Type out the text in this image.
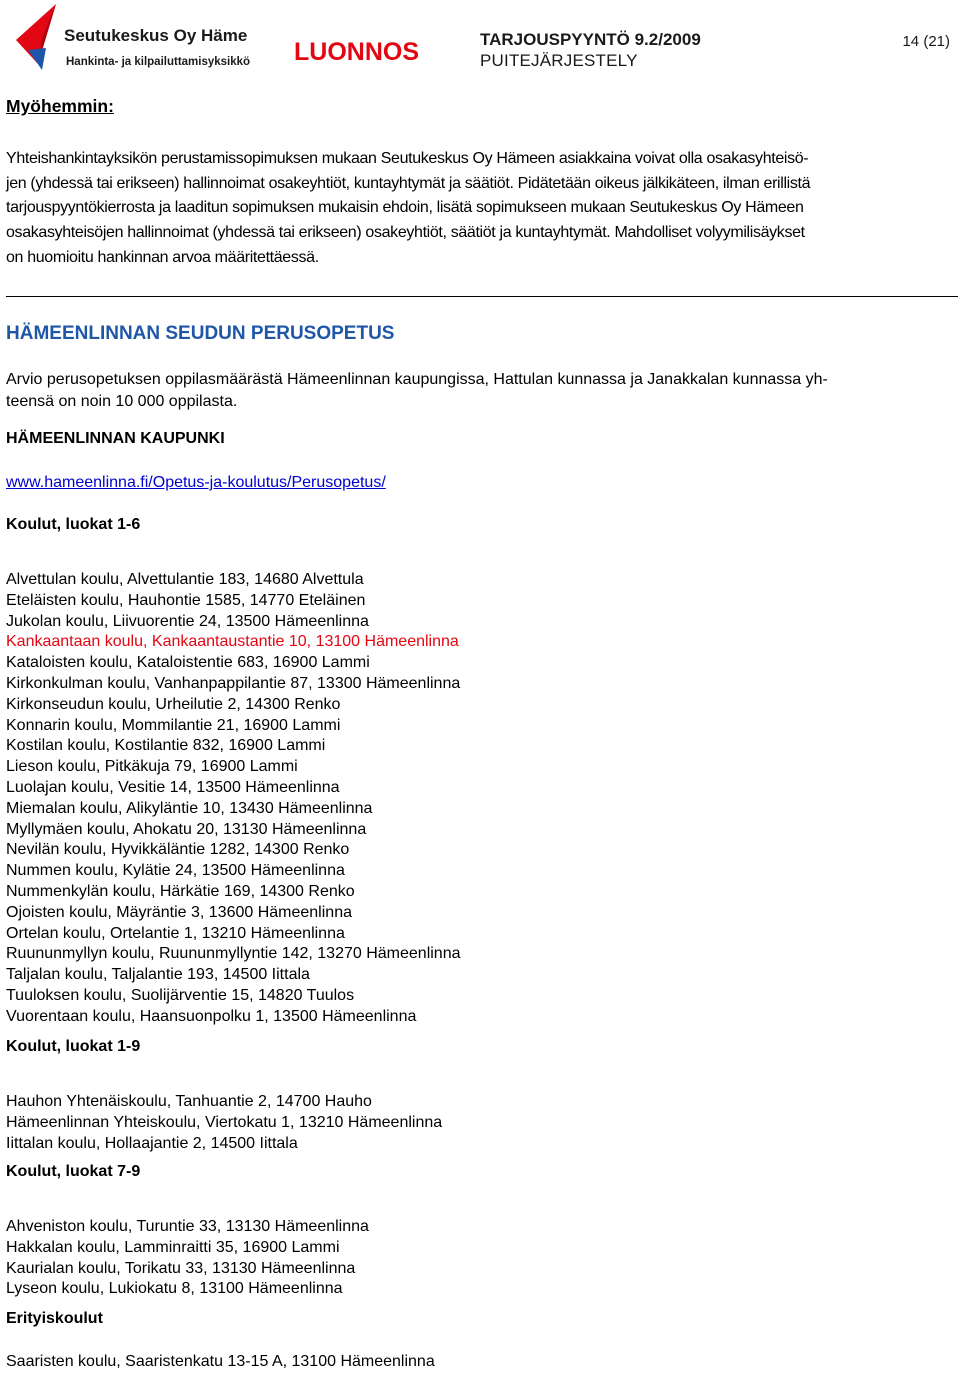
Seutukeskus Oy Häme
Hankinta- ja kilpailuttamisyksikkö LUONNOS	TARJOUSPYYNTÖ 9.2/2009
PUITEJÄRJESTELY
14 (21)
Myöhemmin:
Yhteishankintayksikön perustamissopimuksen mukaan Seutukeskus Oy Hämeen asiakkaina voivat olla osakasyhteisö-
jen (yhdessä tai erikseen) hallinnoimat osakeyhtiöt, kuntayhtymät ja säätiöt. Pidätetään oikeus jälkikäteen, ilman erillistä
tarjouspyyntökierrosta ja laaditun sopimuksen mukaisin ehdoin, lisätä sopimukseen mukaan Seutukeskus Oy Hämeen
osakasyhteisöjen hallinnoimat (yhdessä tai erikseen) osakeyhtiöt, säätiöt ja kuntayhtymät. Mahdolliset volyymilisäykset
on huomioitu hankinnan arvoa määritettäessä.
HÄMEENLINNAN SEUDUN PERUSOPETUS
Arvio perusopetuksen oppilasmäärästä Hämeenlinnan kaupungissa, Hattulan kunnassa ja Janakkalan kunnassa yh-
teensä on noin 10 000 oppilasta.
HÄMEENLINNAN KAUPUNKI
www.hameenlinna.fi/Opetus-ja-koulutus/Perusopetus/
Koulut, luokat 1-6
Alvettulan koulu, Alvettulantie 183, 14680 Alvettula
Eteläisten koulu, Hauhontie 1585, 14770 Eteläinen
Jukolan koulu, Liivuorentie 24, 13500 Hämeenlinna
Kankaantaan koulu, Kankaantaustantie 10, 13100 Hämeenlinna
Kataloisten koulu, Kataloistentie 683, 16900 Lammi
Kirkonkulman koulu, Vanhanpappilantie 87, 13300 Hämeenlinna
Kirkonseudun koulu, Urheilutie 2, 14300 Renko
Konnarin koulu, Mommilantie 21, 16900 Lammi
Kostilan koulu, Kostilantie 832, 16900 Lammi
Lieson koulu, Pitkäkuja 79, 16900 Lammi
Luolajan koulu, Vesitie 14, 13500 Hämeenlinna
Miemalan koulu, Alikyläntie 10, 13430 Hämeenlinna
Myllymäen koulu, Ahokatu 20, 13130 Hämeenlinna
Nevilän koulu, Hyvikkäläntie 1282, 14300 Renko
Nummen koulu, Kylätie 24, 13500 Hämeenlinna
Nummenkylän koulu, Härkätie 169, 14300 Renko
Ojoisten koulu, Mäyräntie 3, 13600 Hämeenlinna
Ortelan koulu, Ortelantie 1, 13210 Hämeenlinna
Ruununmyllyn koulu, Ruununmyllyntie 142, 13270 Hämeenlinna
Taljalan koulu, Taljalantie 193, 14500 Iittala
Tuuloksen koulu, Suolijärventie 15, 14820 Tuulos
Vuorentaan koulu, Haansuonpolku 1, 13500 Hämeenlinna
Koulut, luokat 1-9
Hauhon Yhtenäiskoulu, Tanhuantie 2, 14700 Hauho
Hämeenlinnan Yhteiskoulu, Viertokatu 1, 13210 Hämeenlinna
Iittalan koulu, Hollaajantie 2, 14500 Iittala
Koulut, luokat 7-9
Ahveniston koulu, Turuntie 33, 13130 Hämeenlinna
Hakkalan koulu, Lamminraitti 35, 16900 Lammi
Kaurialan koulu, Torikatu 33, 13130 Hämeenlinna
Lyseon koulu, Lukiokatu 8, 13100 Hämeenlinna
Erityiskoulut
Saaristen koulu, Saaristenkatu 13-15 A, 13100 Hämeenlinna
